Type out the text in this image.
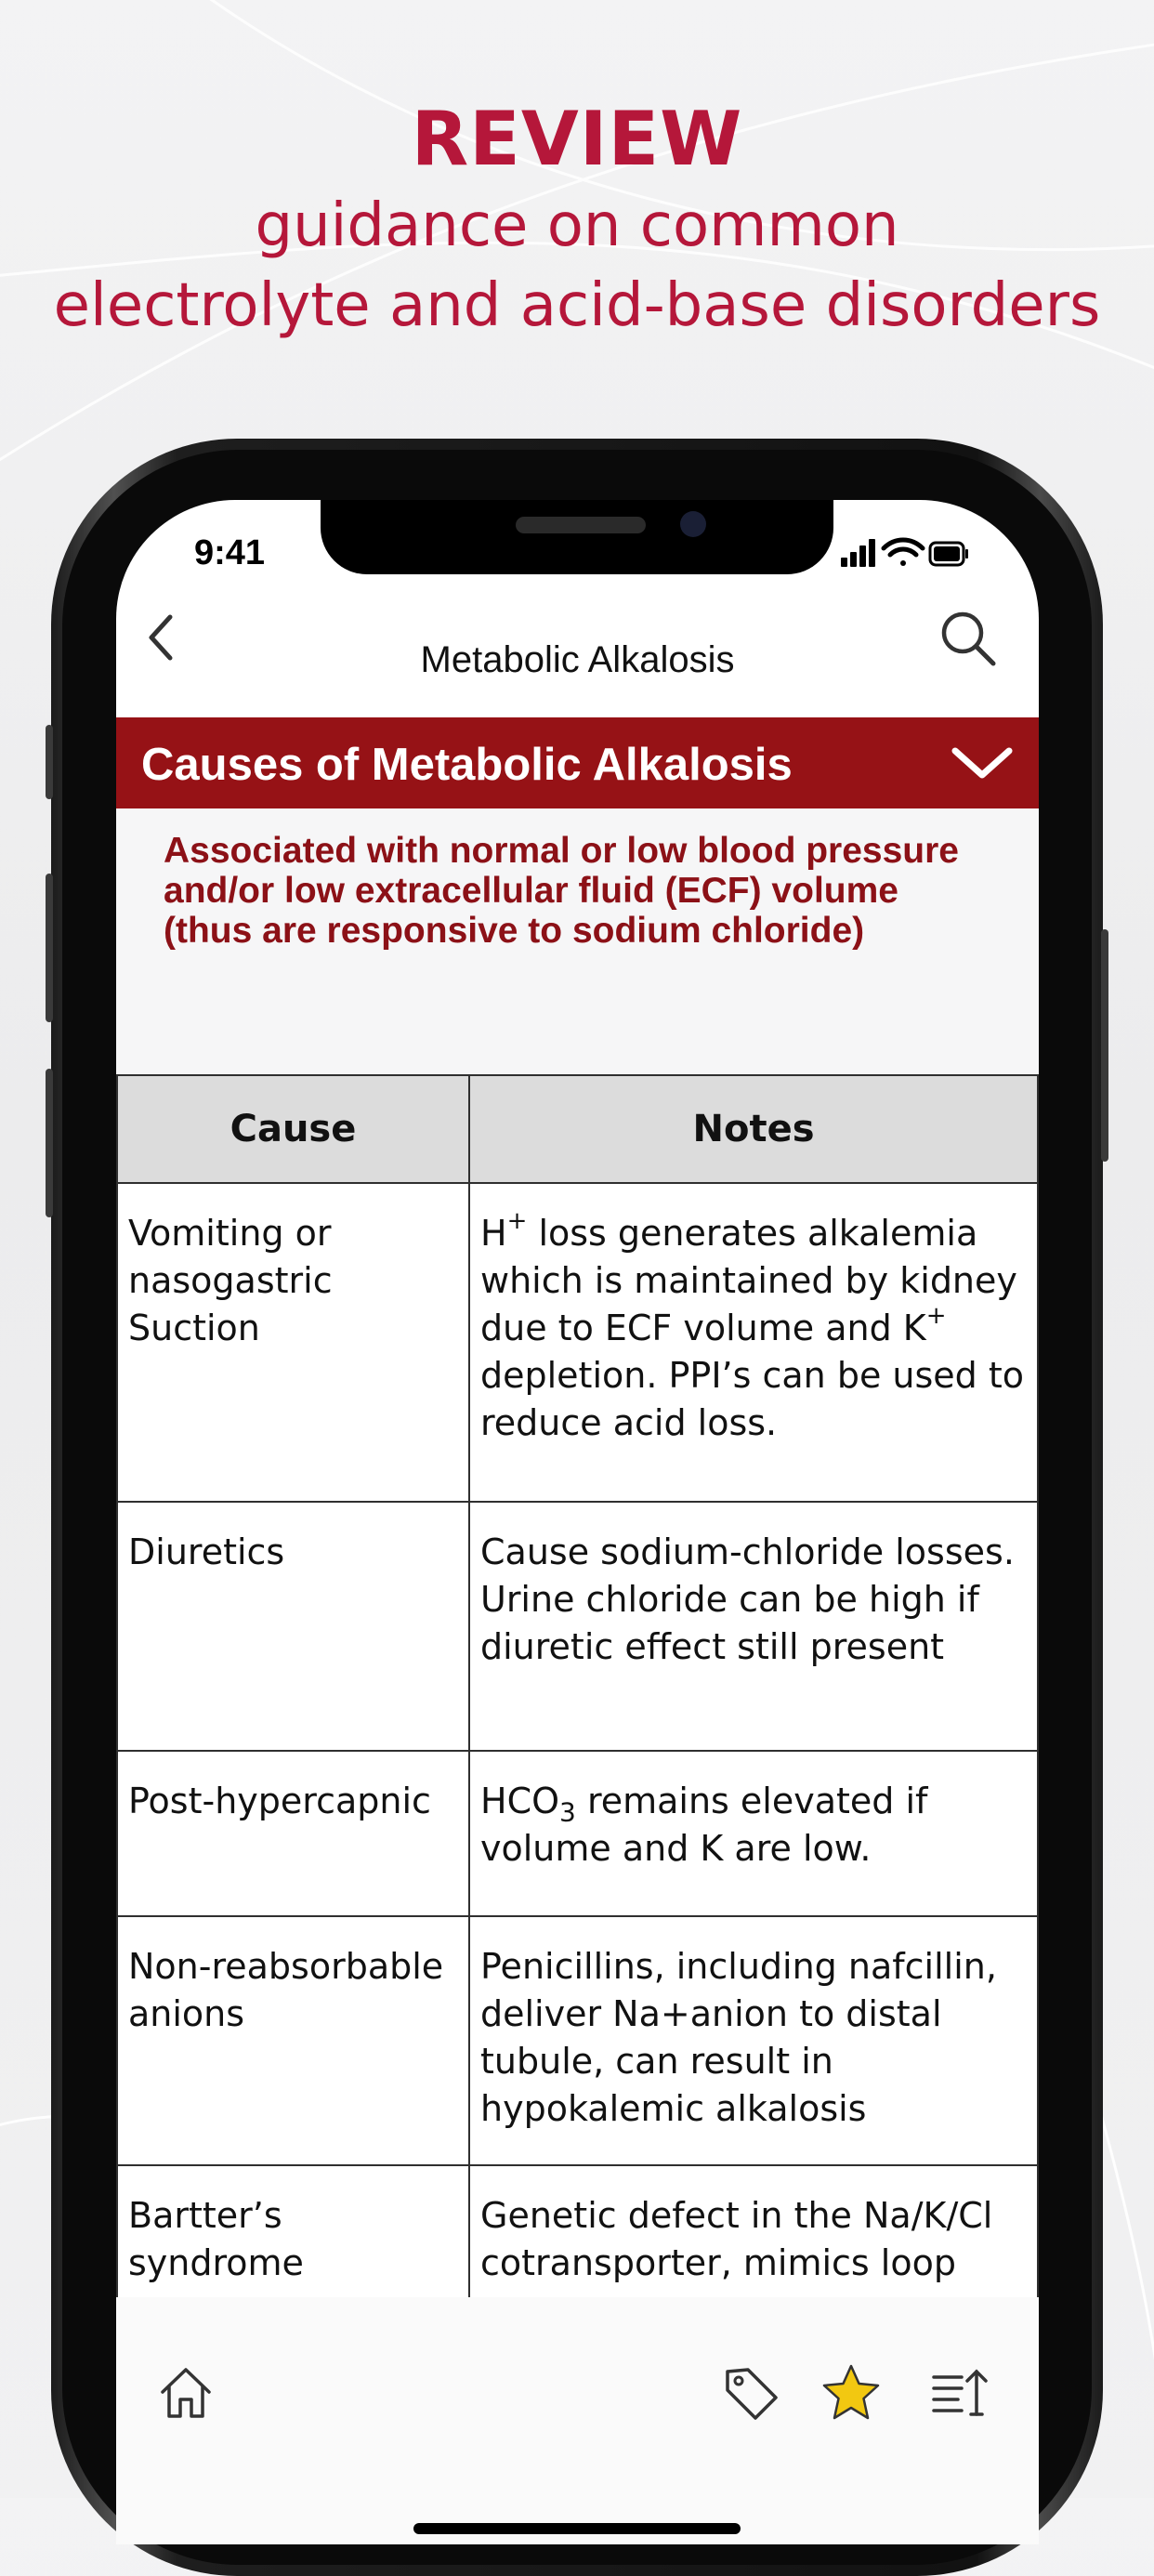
REVIEW
guidance on common
electrolyte and acid-base disorders
9:41
Metabolic Alkalosis
Causes of Metabolic Alkalosis
Associated with normal or low blood pressure and/or low extracellular fluid (ECF) volume (thus are responsive to sodium chloride)
Cause	Notes
Vomiting or nasogastric Suction	H+ loss generates alkalemia which is maintained by kidney due to ECF volume and K+ depletion. PPI’s can be used to reduce acid loss.
Diuretics	Cause sodium-chloride losses. Urine chloride can be high if diuretic effect still present
Post-hypercapnic	$HCO_3$ remains elevated if volume and K are low.
Non-reabsorbable anions	Penicillins, including nafcillin, deliver Na+anion to distal tubule, can result in hypokalemic alkalosis
Bartter’s syndrome	Genetic defect in the Na/K/Cl cotransporter, mimics loop
